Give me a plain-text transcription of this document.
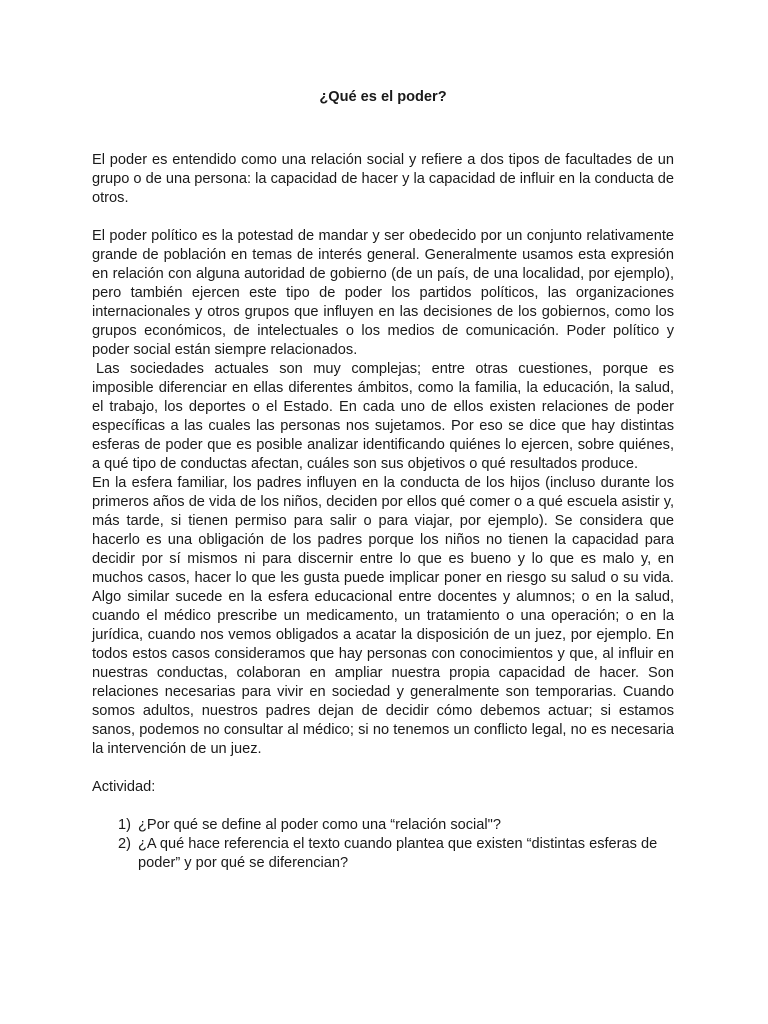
¿Qué es el poder?

El poder es entendido como una relación social y refiere a dos tipos de facultades de un grupo o de una persona: la capacidad de hacer y la capacidad de influir en la conducta de otros.

El poder político es la potestad de mandar y ser obedecido por un conjunto relativamente grande de población en temas de interés general. Generalmente usamos esta expresión en relación con alguna autoridad de gobierno (de un país, de una localidad, por ejemplo), pero también ejercen este tipo de poder los partidos políticos, las organizaciones internacionales y otros grupos que influyen en las decisiones de los gobiernos, como los grupos económicos, de intelectuales o los medios de comunicación. Poder político y poder social están siempre relacionados.

Las sociedades actuales son muy complejas; entre otras cuestiones, porque es imposible diferenciar en ellas diferentes ámbitos, como la familia, la educación, la salud, el trabajo, los deportes o el Estado. En cada uno de ellos existen relaciones de poder específicas a las cuales las personas nos sujetamos. Por eso se dice que hay distintas esferas de poder que es posible analizar identificando quiénes lo ejercen, sobre quiénes, a qué tipo de conductas afectan, cuáles son sus objetivos o qué resultados produce.

En la esfera familiar, los padres influyen en la conducta de los hijos (incluso durante los primeros años de vida de los niños, deciden por ellos qué comer o a qué escuela asistir y, más tarde, si tienen permiso para salir o para viajar, por ejemplo). Se considera que hacerlo es una obligación de los padres porque los niños no tienen la capacidad para decidir por sí mismos ni para discernir entre lo que es bueno y lo que es malo y, en muchos casos, hacer lo que les gusta puede implicar poner en riesgo su salud o su vida. Algo similar sucede en la esfera educacional entre docentes y alumnos; o en la salud, cuando el médico prescribe un medicamento, un tratamiento o una operación; o en la jurídica, cuando nos vemos obligados a acatar la disposición de un juez, por ejemplo. En todos estos casos consideramos que hay personas con conocimientos y que, al influir en nuestras conductas, colaboran en ampliar nuestra propia capacidad de hacer. Son relaciones necesarias para vivir en sociedad y generalmente son temporarias. Cuando somos adultos, nuestros padres dejan de decidir cómo debemos actuar; si estamos sanos, podemos no consultar al médico; si no tenemos un conflicto legal, no es necesaria la intervención de un juez.

Actividad:

1) ¿Por qué se define al poder como una “relación social"?
2) ¿A qué hace referencia el texto cuando plantea que existen “distintas esferas de poder” y por qué se diferencian?
